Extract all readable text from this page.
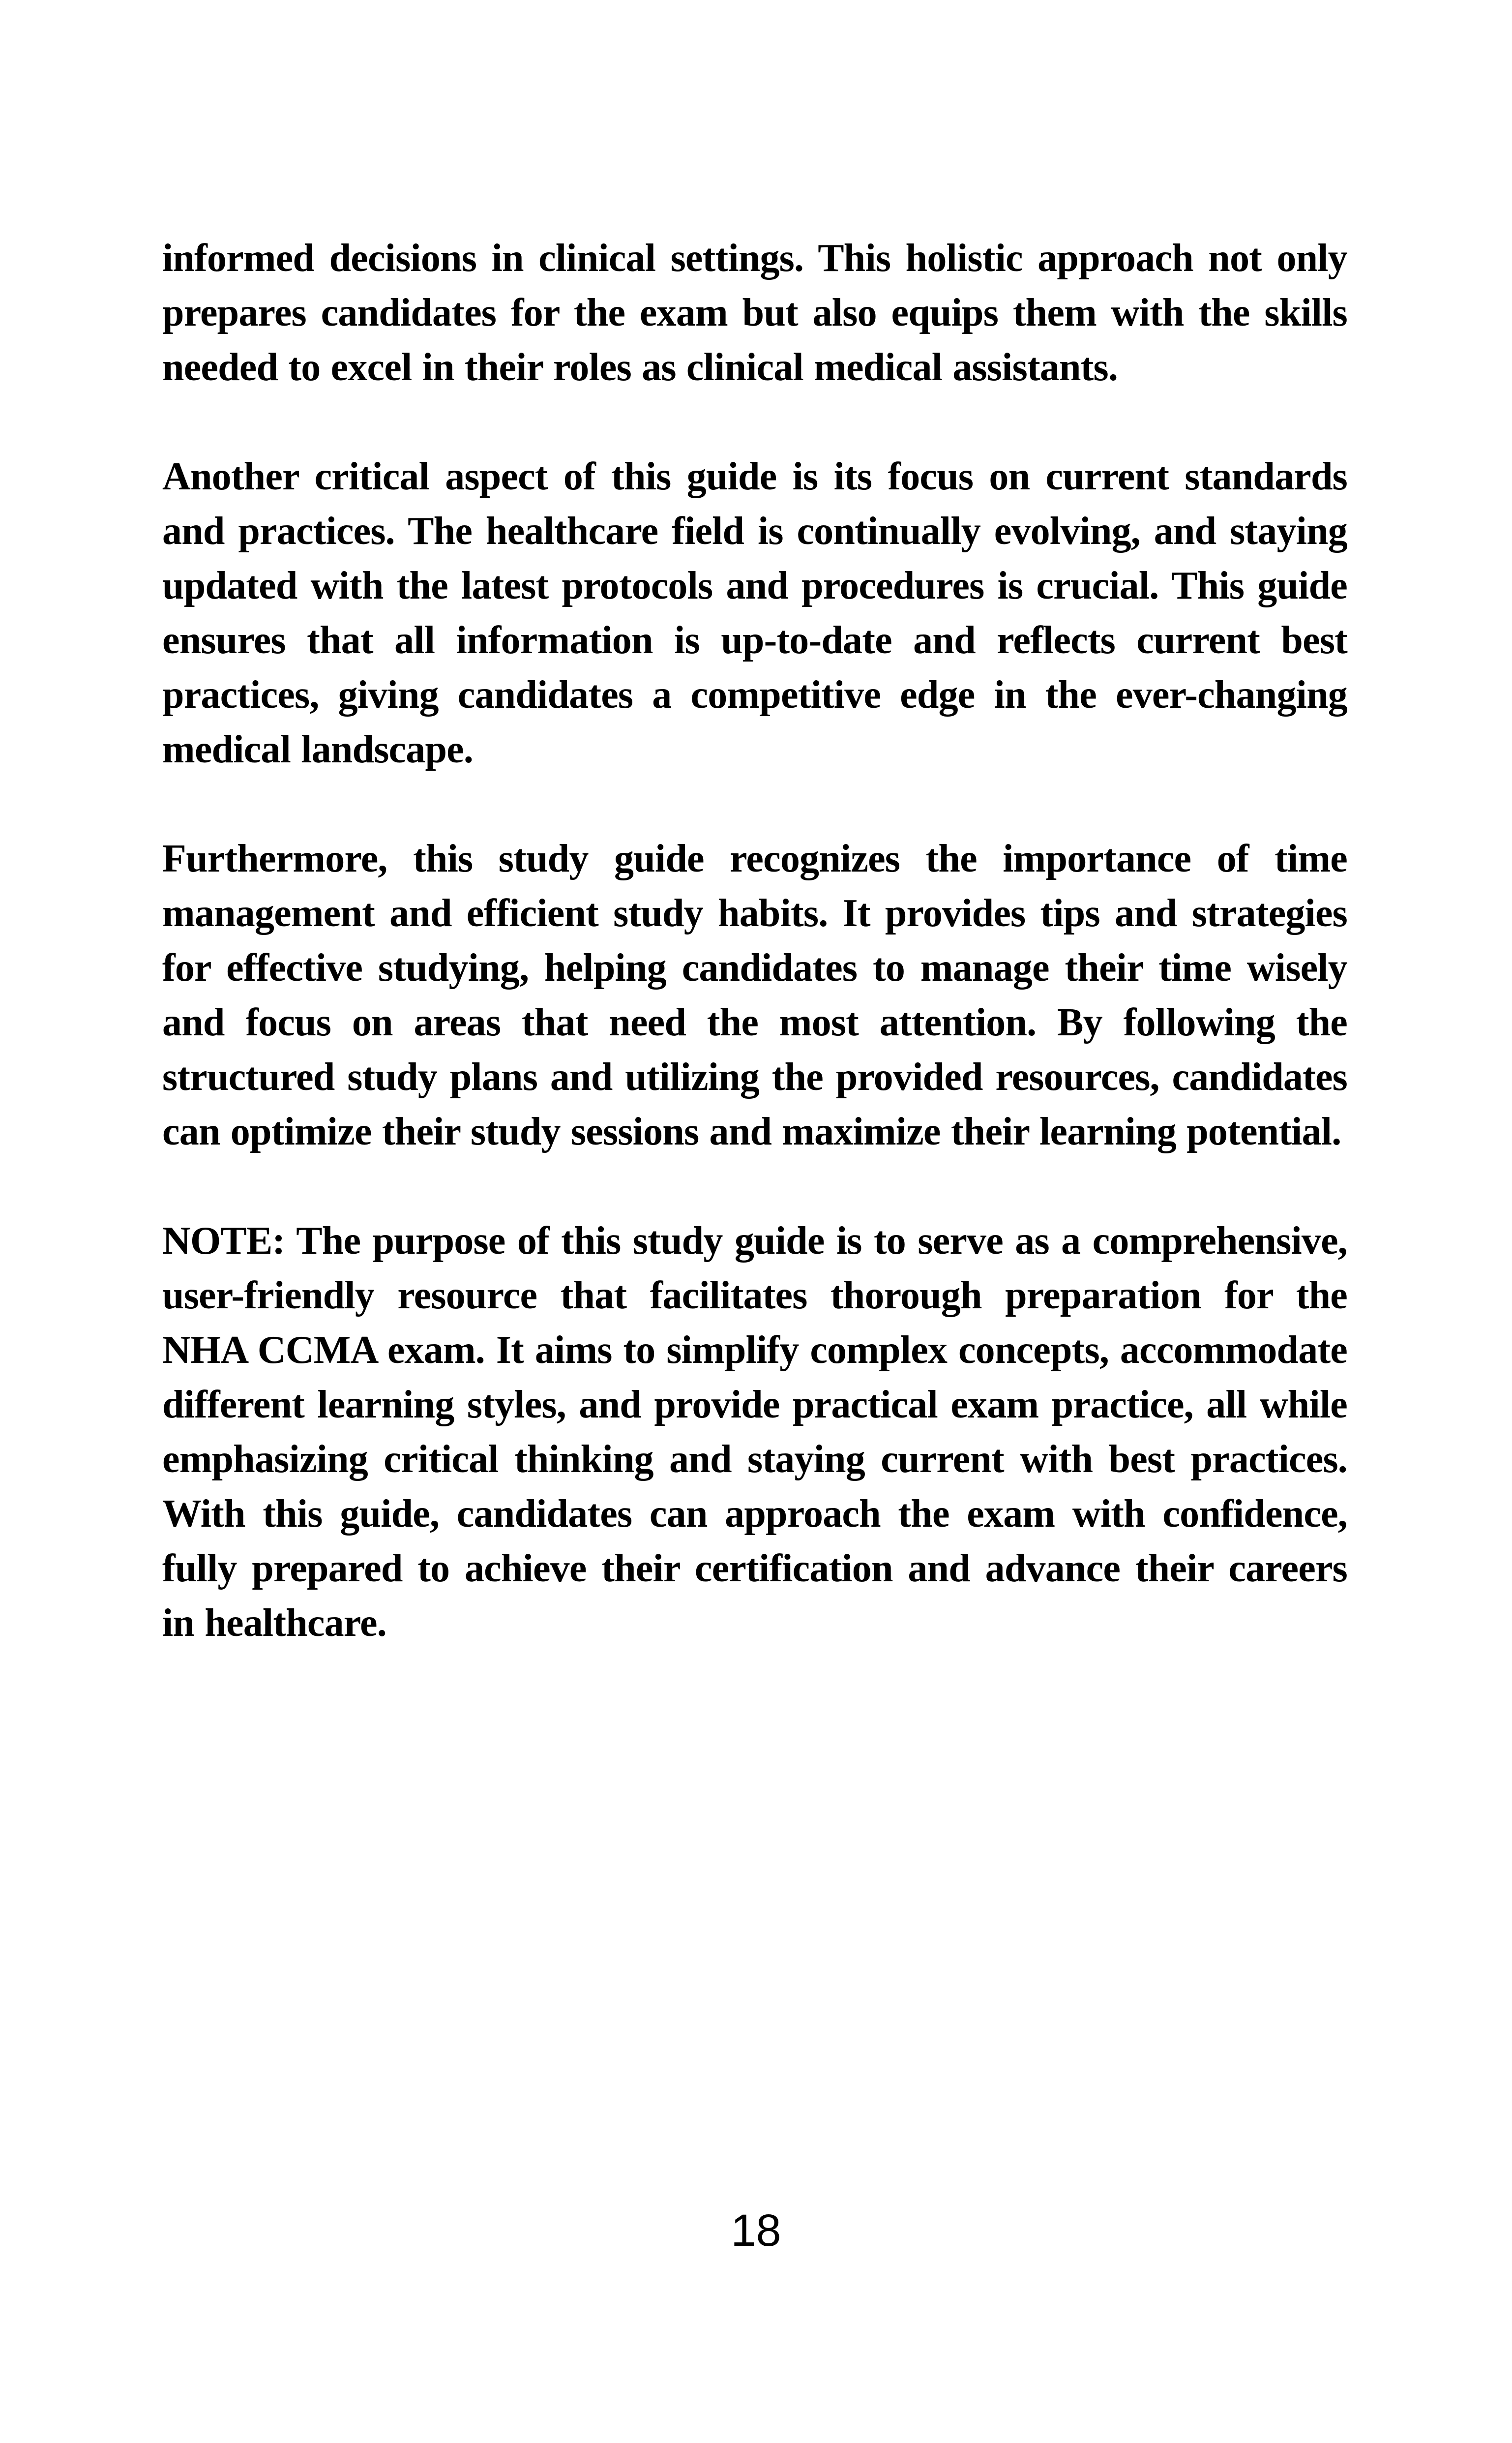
informed decisions in clinical settings. This holistic approach not only prepares candidates for the exam but also equips them with the skills needed to excel in their roles as clinical medical assistants.

Another critical aspect of this guide is its focus on current standards and practices. The healthcare field is continually evolving, and staying updated with the latest protocols and procedures is crucial. This guide ensures that all information is up-to-date and reflects current best practices, giving candidates a competitive edge in the ever-changing medical landscape.

Furthermore, this study guide recognizes the importance of time management and efficient study habits. It provides tips and strategies for effective studying, helping candidates to manage their time wisely and focus on areas that need the most attention. By following the structured study plans and utilizing the provided resources, candidates can optimize their study sessions and maximize their learning potential.

NOTE: The purpose of this study guide is to serve as a comprehensive, user-friendly resource that facilitates thorough preparation for the NHA CCMA exam. It aims to simplify complex concepts, accommodate different learning styles, and provide practical exam practice, all while emphasizing critical thinking and staying current with best practices. With this guide, candidates can approach the exam with confidence, fully prepared to achieve their certification and advance their careers in healthcare.

18
